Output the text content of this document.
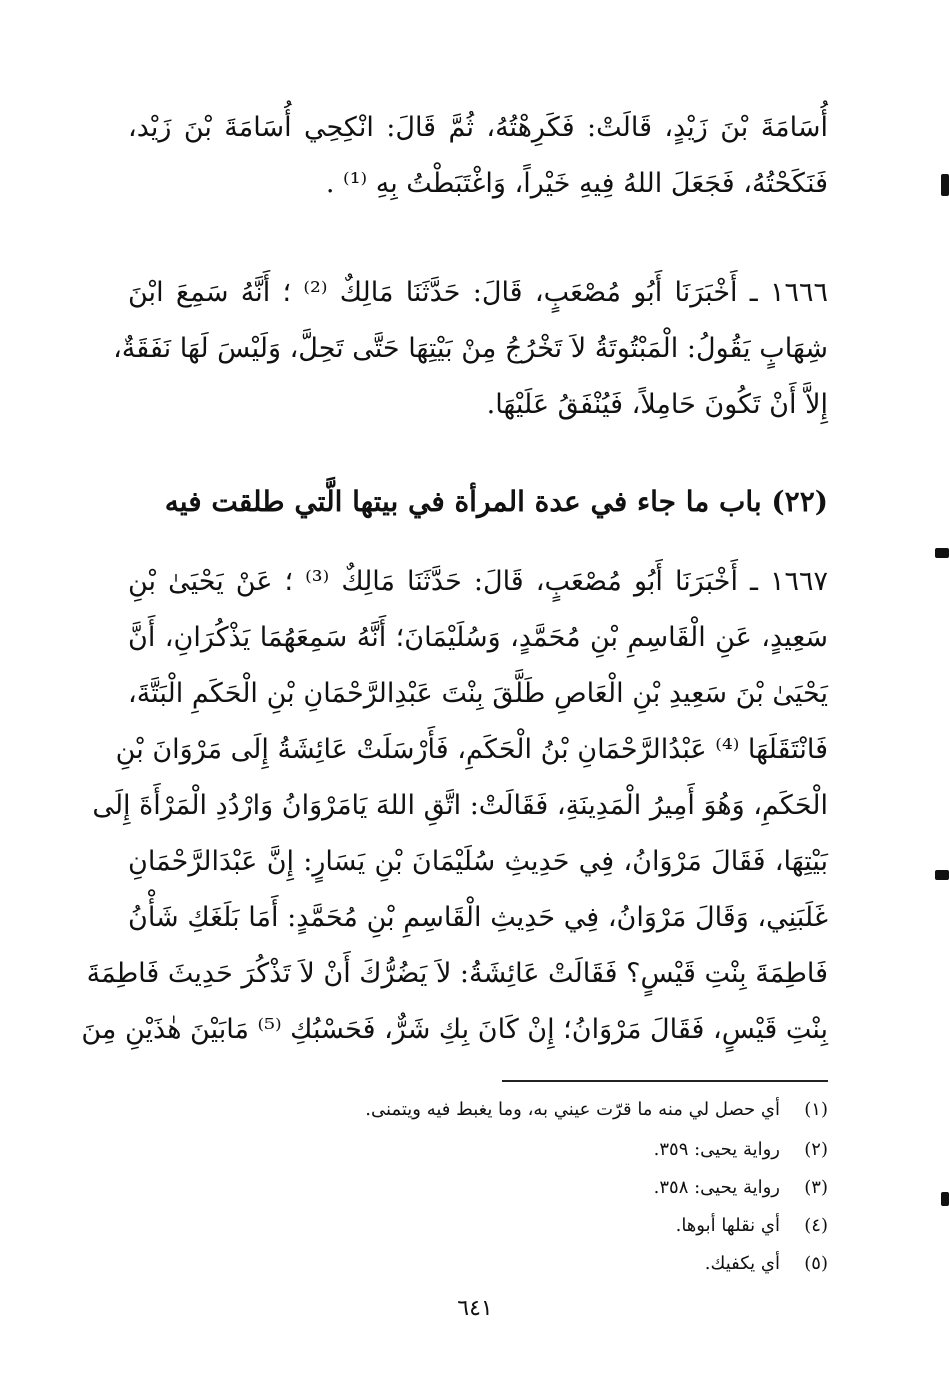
أُسَامَةَ بْنَ زَيْدٍ، قَالَتْ: فَكَرِهْتُهُ، ثُمَّ قَالَ: انْكِحِي أُسَامَةَ بْنَ زَيْد،
فَنَكَحْتُهُ، فَجَعَلَ اللهُ فِيهِ خَيْراً، وَاغْتَبَطْتُ بِهِ ⁽¹⁾ .
١٦٦٦ ـ أَخْبَرَنَا أَبُو مُصْعَبٍ، قَالَ: حَدَّثَنَا مَالِكٌ ⁽²⁾ ؛ أَنَّهُ سَمِعَ ابْنَ
شِهَابٍ يَقُولُ: الْمَبْتُوتَةُ لاَ تَخْرُجُ مِنْ بَيْتِهَا حَتَّى تَحِلَّ، وَلَيْسَ لَهَا نَفَقَةٌ،
إِلاَّ أَنْ تَكُونَ حَامِلاً، فَيُنْفَقُ عَلَيْهَا.
(٢٢) باب ما جاء في عدة المرأة في بيتها الَّتي طلقت فيه
١٦٦٧ ـ أَخْبَرَنَا أَبُو مُصْعَبٍ، قَالَ: حَدَّثَنَا مَالِكٌ ⁽³⁾ ؛ عَنْ يَحْيَىٰ بْنِ
سَعِيدٍ، عَنِ الْقَاسِمِ بْنِ مُحَمَّدٍ، وَسُلَيْمَانَ؛ أَنَّهُ سَمِعَهُمَا يَذْكُرَانِ، أَنَّ
يَحْيَىٰ بْنَ سَعِيدِ بْنِ الْعَاصِ طَلَّقَ بِنْتَ عَبْدِالرَّحْمَانِ بْنِ الْحَكَمِ الْبَتَّةَ،
فَانْتَقَلَهَا ⁽⁴⁾ عَبْدُالرَّحْمَانِ بْنُ الْحَكَمِ، فَأَرْسَلَتْ عَائِشَةُ إِلَى مَرْوَانَ بْنِ
الْحَكَمِ، وَهُوَ أَمِيرُ الْمَدِينَةِ، فَقَالَتْ: اتَّقِ اللهَ يَامَرْوَانُ وَارْدُدِ الْمَرْأَةَ إِلَى
بَيْتِهَا، فَقَالَ مَرْوَانُ، فِي حَدِيثِ سُلَيْمَانَ بْنِ يَسَارٍ: إِنَّ عَبْدَالرَّحْمَانِ
غَلَبَنِي، وَقَالَ مَرْوَانُ، فِي حَدِيثِ الْقَاسِمِ بْنِ مُحَمَّدٍ: أَمَا بَلَغَكِ شَأْنُ
فَاطِمَةَ بِنْتِ قَيْسٍ؟ فَقَالَتْ عَائِشَةُ: لاَ يَضُرُّكَ أَنْ لاَ تَذْكُرَ حَدِيثَ فَاطِمَةَ
بِنْتِ قَيْسٍ، فَقَالَ مَرْوَانُ؛ إِنْ كَانَ بِكِ شَرٌّ، فَحَسْبُكِ ⁽⁵⁾ مَابَيْنَ هٰذَيْنِ مِنَ
(١)أي حصل لي منه ما قرّت عيني به، وما يغبط فيه ويتمنى.
(٢)رواية يحيى: ٣٥٩.
(٣)رواية يحيى: ٣٥٨.
(٤)أي نقلها أبوها.
(٥)أي يكفيك.
٦٤١
